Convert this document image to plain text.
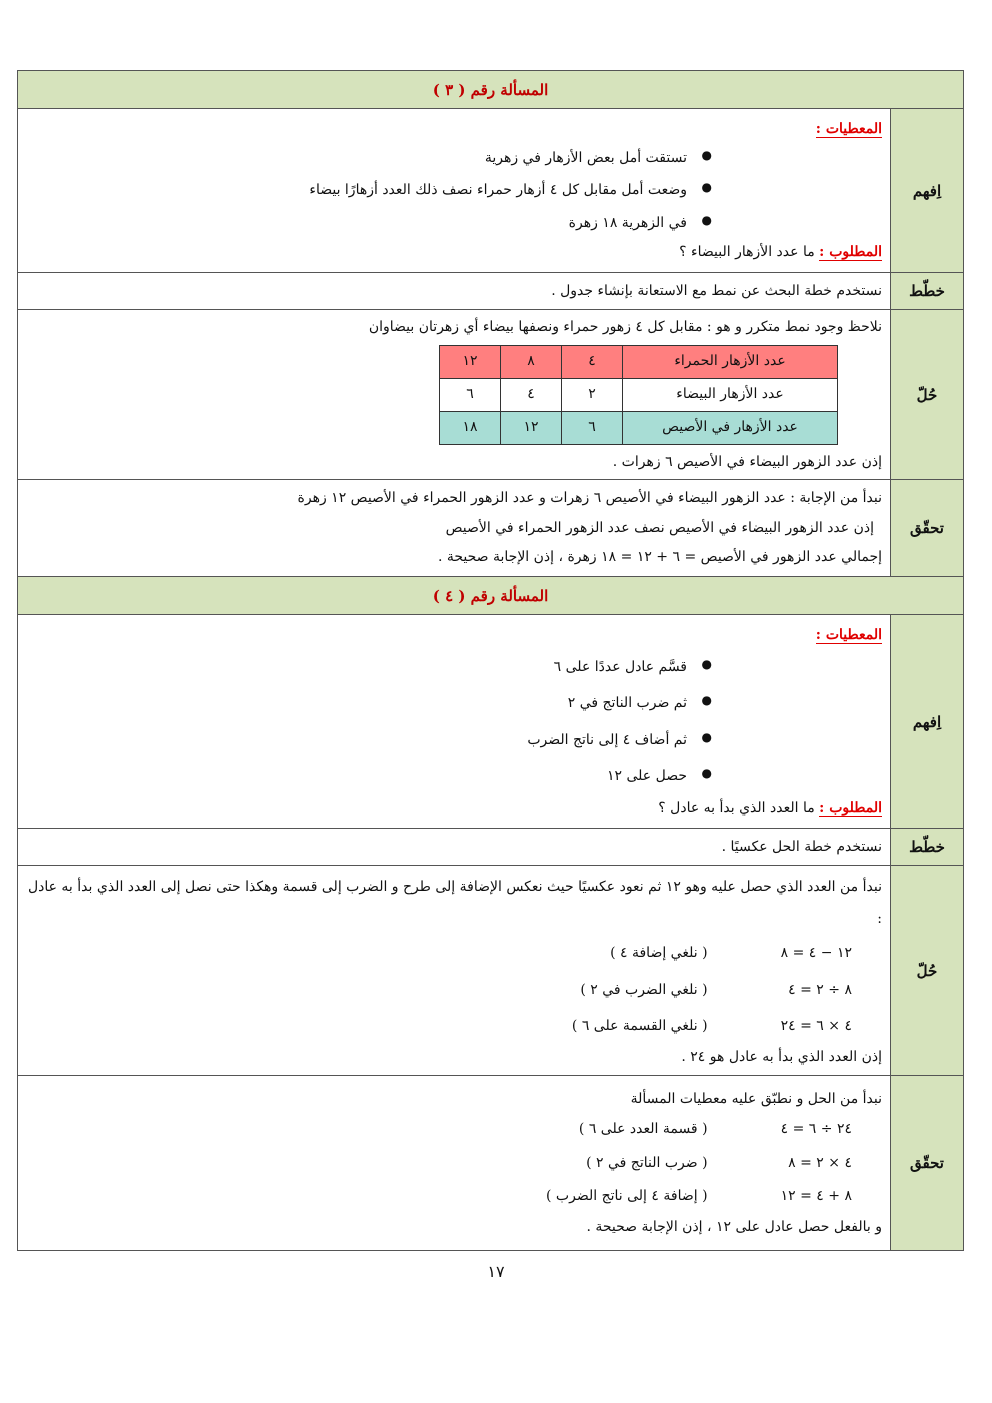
المسألة رقم ( ٣ )
اِفهم	
المعطيات :
● تستقت أمل بعض الأزهار في زهرية
● وضعت أمل مقابل كل ٤ أزهار حمراء نصف ذلك العدد أزهارًا بيضاء
● في الزهرية ١٨ زهرة
المطلوب : ما عدد الأزهار البيضاء ؟

خطّط	نستخدم خطة البحث عن نمط مع الاستعانة بإنشاء جدول .
حُلّ	
نلاحظ وجود نمط متكرر و هو : مقابل كل ٤ زهور حمراء ونصفها بيضاء أي زهرتان بيضاوان
عدد الأزهار الحمراء	٤	٨	١٢
عدد الأزهار البيضاء	٢	٤	٦
عدد الأزهار في الأصيص	٦	١٢	١٨
إذن عدد الزهور البيضاء في الأصيص ٦ زهرات .

تحقّق	
نبدأ من الإجابة : عدد الزهور البيضاء في الأصيص ٦ زهرات و عدد الزهور الحمراء في الأصيص ١٢ زهرة
إذن عدد الزهور البيضاء في الأصيص نصف عدد الزهور الحمراء في الأصيص
إجمالي عدد الزهور في الأصيص = ٦ + ١٢ = ١٨ زهرة ، إذن الإجابة صحيحة .

المسألة رقم ( ٤ )
اِفهم	
المعطيات :
● قسَّم عادل عددًا على ٦
● ثم ضرب الناتج في ٢
● ثم أضاف ٤ إلى ناتج الضرب
● حصل على ١٢
المطلوب : ما العدد الذي بدأ به عادل ؟

خطّط	نستخدم خطة الحل عكسيًا .
حُلّ	
نبدأ من العدد الذي حصل عليه وهو ١٢ ثم نعود عكسيًا حيث نعكس الإضافة إلى طرح و الضرب إلى قسمة وهكذا حتى نصل إلى العدد الذي بدأ به عادل :
١٢ − ٤ = ٨ ( نلغي إضافة ٤ )
٨ ÷ ٢ = ٤ ( نلغي الضرب في ٢ )
٤ × ٦ = ٢٤ ( نلغي القسمة على ٦ )
إذن العدد الذي بدأ به عادل هو ٢٤ .

تحقّق	
نبدأ من الحل و نطبّق عليه معطيات المسألة
٢٤ ÷ ٦ = ٤ ( قسمة العدد على ٦ )
٤ × ٢ = ٨ ( ضرب الناتج في ٢ )
٨ + ٤ = ١٢ ( إضافة ٤ إلى ناتج الضرب )
و بالفعل حصل عادل على ١٢ ، إذن الإجابة صحيحة .
١٧
